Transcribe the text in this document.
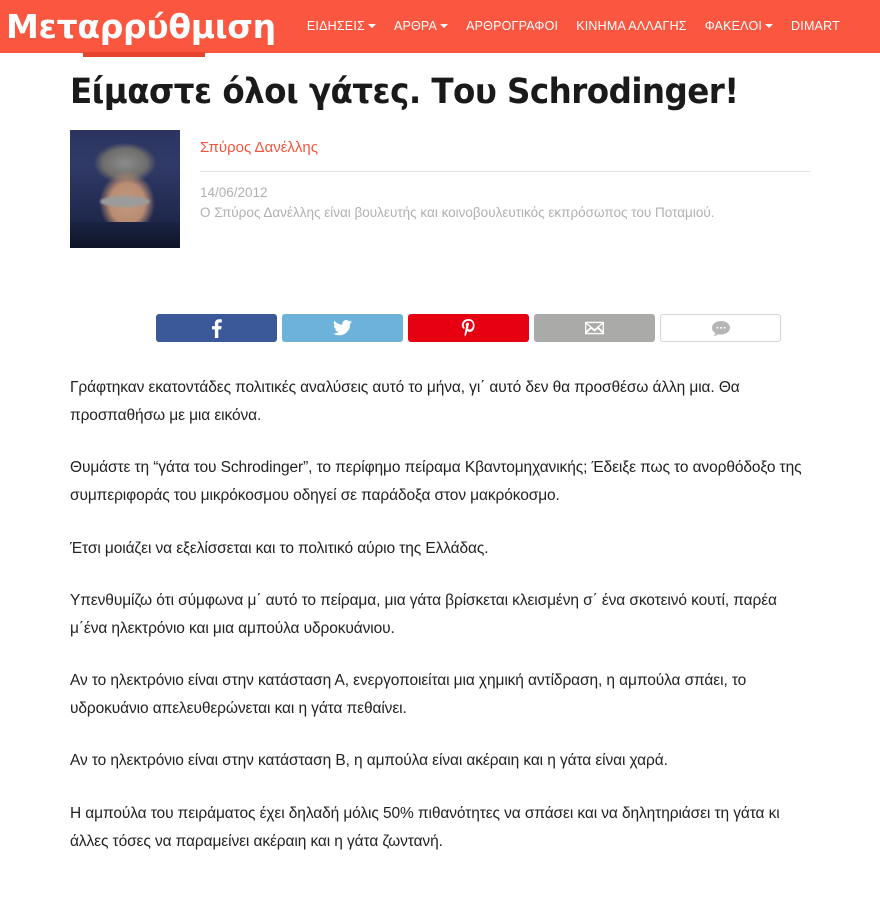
Μεταρρύθμιση	ΕΙΔΗΣΕΙΣ	ΑΡΘΡΑ	ΑΡΘΡΟΓΡΑΦΟΙ	ΚΙΝΗΜΑ ΑΛΛΑΓΗΣ	ΦΑΚΕΛΟΙ	DIMART
Είμαστε όλοι γάτες. Του Schrodinger!
Σπύρος Δανέλλης

14/06/2012

Ο Σπύρος Δανέλλης είναι βουλευτής και κοινοβουλευτικός εκπρόσωπος του Ποταμιού.

Γράφτηκαν εκατοντάδες πολιτικές αναλύσεις αυτό το μήνα, γι΄ αυτό δεν θα προσθέσω άλλη μια. Θα προσπαθήσω με μια εικόνα.

Θυμάστε τη “γάτα του Schrodinger”, το περίφημο πείραμα Κβαντομηχανικής; Έδειξε πως το ανορθόδοξο της συμπεριφοράς του μικρόκοσμου οδηγεί σε παράδοξα στον μακρόκοσμο.

Έτσι μοιάζει να εξελίσσεται και το πολιτικό αύριο της Ελλάδας.

Υπενθυμίζω ότι σύμφωνα μ΄ αυτό το πείραμα, μια γάτα βρίσκεται κλεισμένη σ΄ ένα σκοτεινό κουτί, παρέα μ΄ένα ηλεκτρόνιο και μια αμπούλα υδροκυάνιου.

Αν το ηλεκτρόνιο είναι στην κατάσταση Α, ενεργοποιείται μια χημική αντίδραση, η αμπούλα σπάει, το υδροκυάνιο απελευθερώνεται και η γάτα πεθαίνει.

Αν το ηλεκτρόνιο είναι στην κατάσταση Β, η αμπούλα είναι ακέραιη και η γάτα είναι χαρά.

Η αμπούλα του πειράματος έχει δηλαδή μόλις 50% πιθανότητες να σπάσει και να δηλητηριάσει τη γάτα κι άλλες τόσες να παραμείνει ακέραιη και η γάτα ζωντανή.
